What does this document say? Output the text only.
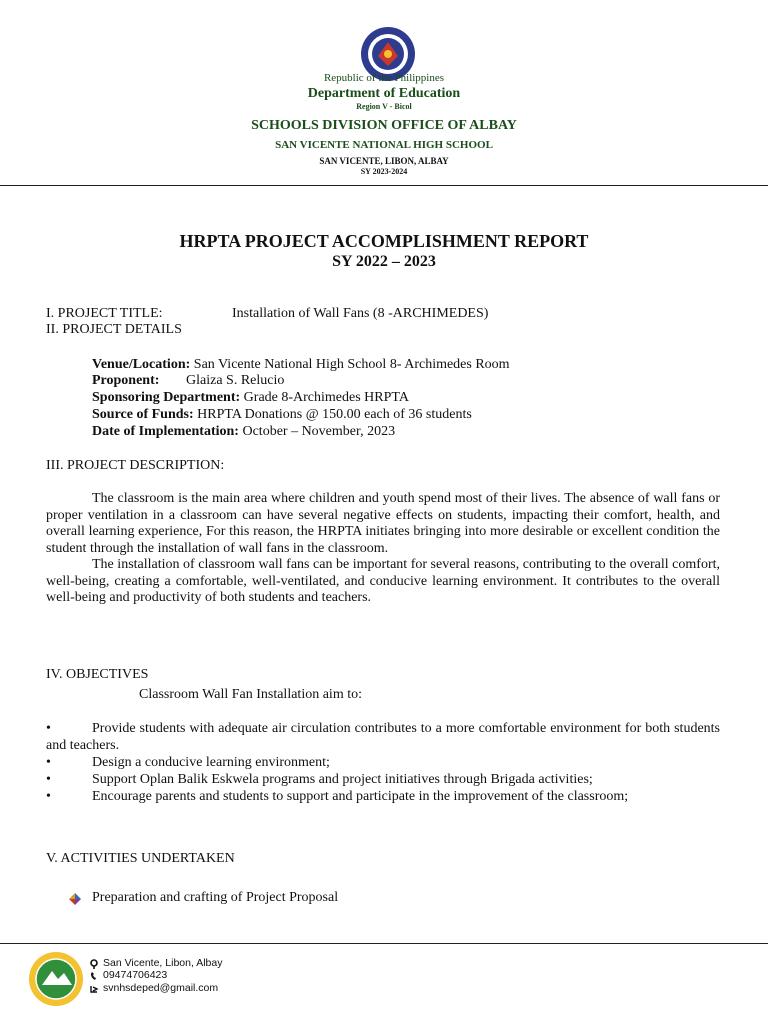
Republic of the Philippines
Department of Education
Region V - Bicol
SCHOOLS DIVISION OFFICE OF ALBAY
SAN VICENTE NATIONAL HIGH SCHOOL
SAN VICENTE, LIBON, ALBAY
SY 2023-2024
HRPTA PROJECT ACCOMPLISHMENT REPORT
SY 2022 – 2023
I. PROJECT TITLE:	Installation of Wall Fans (8 -ARCHIMEDES)
II. PROJECT DETAILS
Venue/Location: San Vicente National High School 8- Archimedes Room
Proponent: Glaiza S. Relucio
Sponsoring Department: Grade 8-Archimedes HRPTA
Source of Funds: HRPTA Donations @ 150.00 each of 36 students
Date of Implementation: October – November, 2023
III. PROJECT DESCRIPTION:
The classroom is the main area where children and youth spend most of their lives. The absence of wall fans or proper ventilation in a classroom can have several negative effects on students, impacting their comfort, health, and overall learning experience, For this reason, the HRPTA initiates bringing into more desirable or excellent condition the student through the installation of wall fans in the classroom.
The installation of classroom wall fans can be important for several reasons, contributing to the overall comfort, well-being, creating a comfortable, well-ventilated, and conducive learning environment. It contributes to the overall well-being and productivity of both students and teachers.
IV. OBJECTIVES
Classroom Wall Fan Installation aim to:
•	Provide students with adequate air circulation contributes to a more comfortable environment for both students and teachers.
•	Design a conducive learning environment;
•	Support Oplan Balik Eskwela programs and project initiatives through Brigada activities;
•	Encourage parents and students to support and participate in the improvement of the classroom;
V. ACTIVITIES UNDERTAKEN
Preparation and crafting of Project Proposal
San Vicente, Libon, Albay
09474706423
svnhsdeped@gmail.com
